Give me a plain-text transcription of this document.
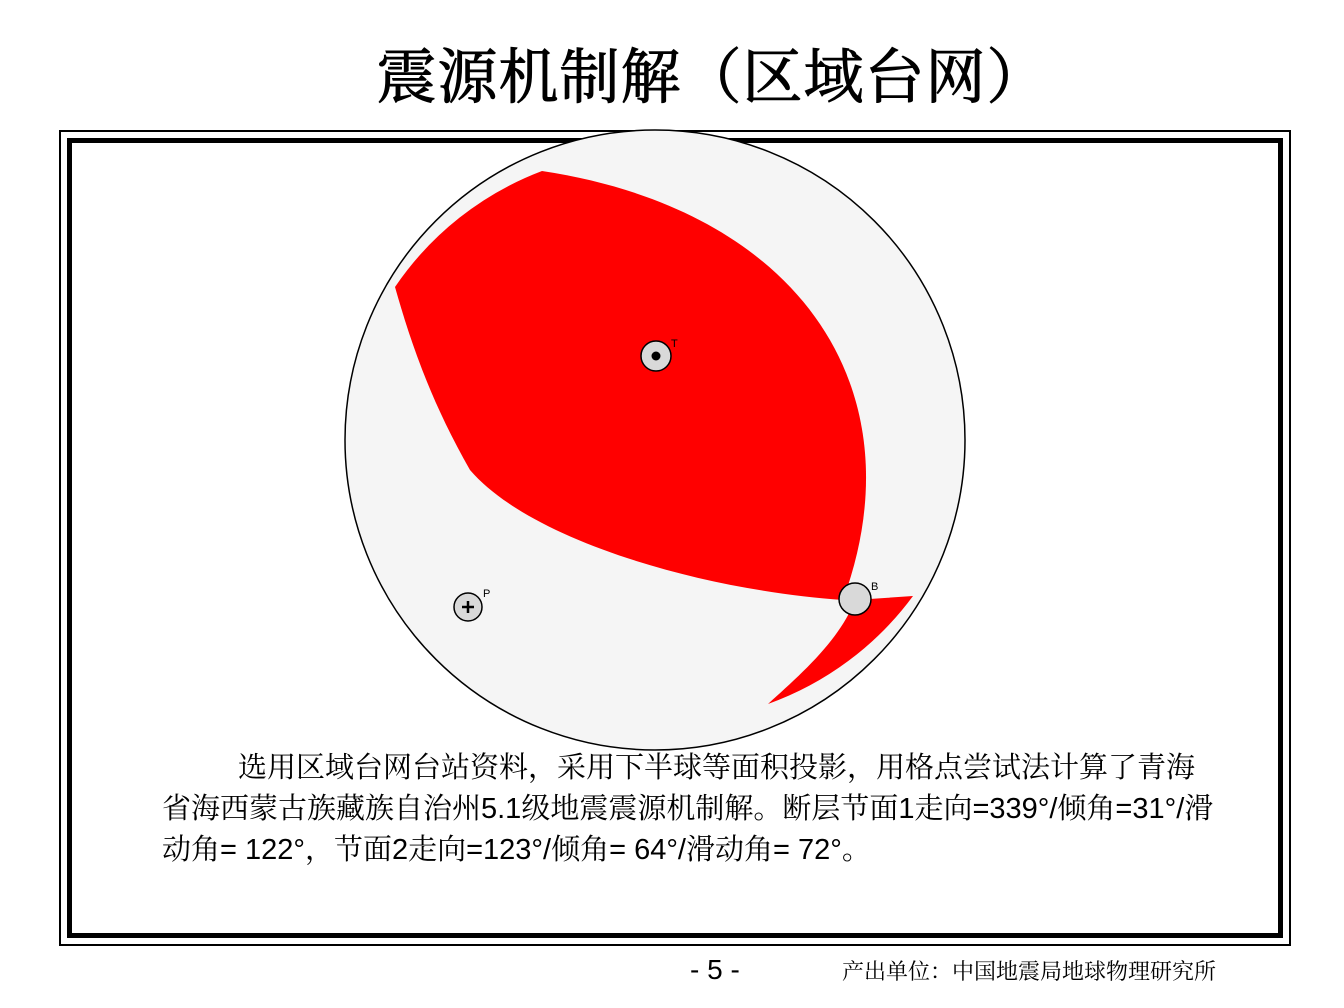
震源机制解（区域台网）
T
P
B

选用区域台网台站资料，采用下半球等面积投影，用格点尝试法计算了青海省海西蒙古族藏族自治州5.1级地震震源机制解。断层节面1走向=339°/倾角=31°/滑动角= 122°，节面2走向=123°/倾角= 64°/滑动角= 72°。

- 5 -	产出单位：中国地震局地球物理研究所
